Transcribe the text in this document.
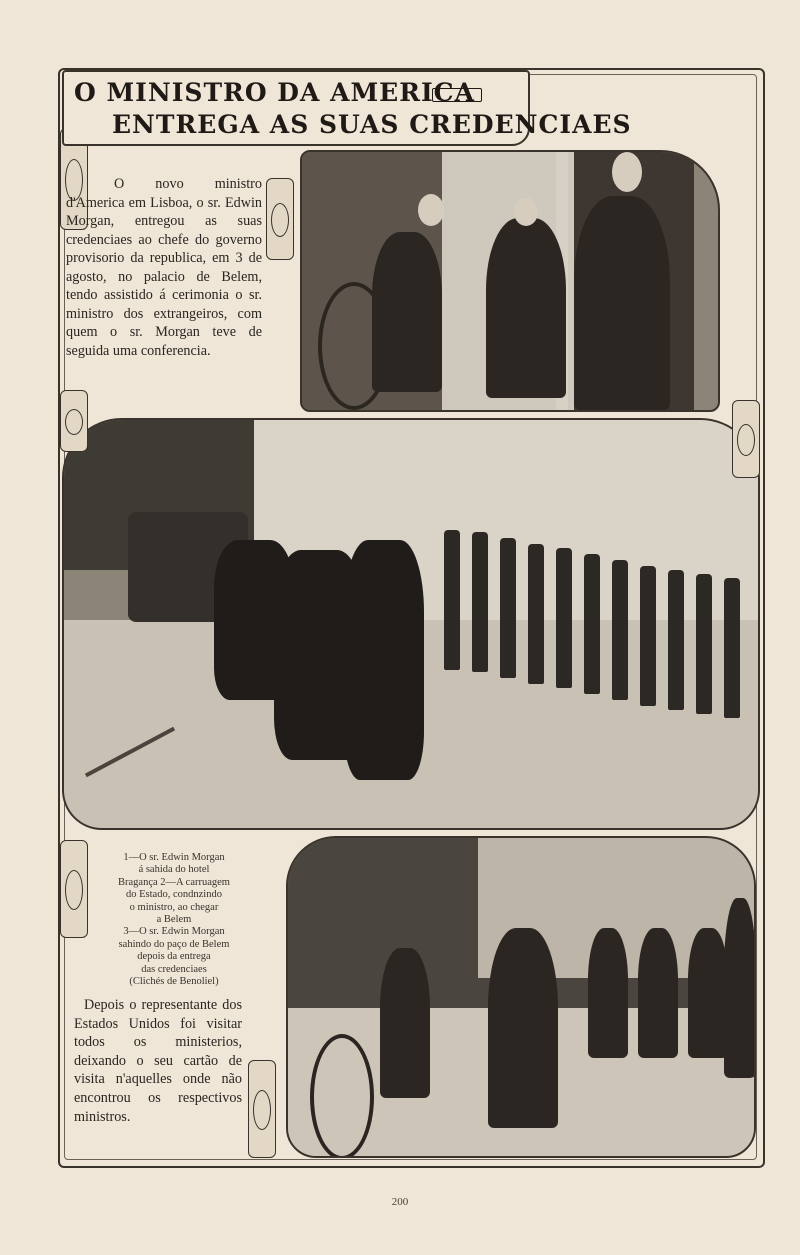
O MINISTRO DA AMERICA
ENTREGA AS SUAS CREDENCIAES
O novo ministro d'America em Lisboa, o sr. Edwin Morgan, entregou as suas credenciaes ao chefe do governo provisorio da republica, em 3 de agosto, no palacio de Belem, tendo assistido á cerimonia o sr. ministro dos extrangeiros, com quem o sr. Morgan teve de seguida uma conferencia.
1—O sr. Edwin Morgan
á sahida do hotel
Bragança 2—A carruagem
do Estado, condnzindo
o ministro, ao chegar
a Belem
3—O sr. Edwin Morgan
sahindo do paço de Belem
depois da entrega
das credenciaes
(Clichés de Benoliel)
Depois o representante dos Estados Unidos foi visitar todos os ministerios, deixando o seu cartão de visita n'aquelles onde não encontrou os respectivos ministros.
200
